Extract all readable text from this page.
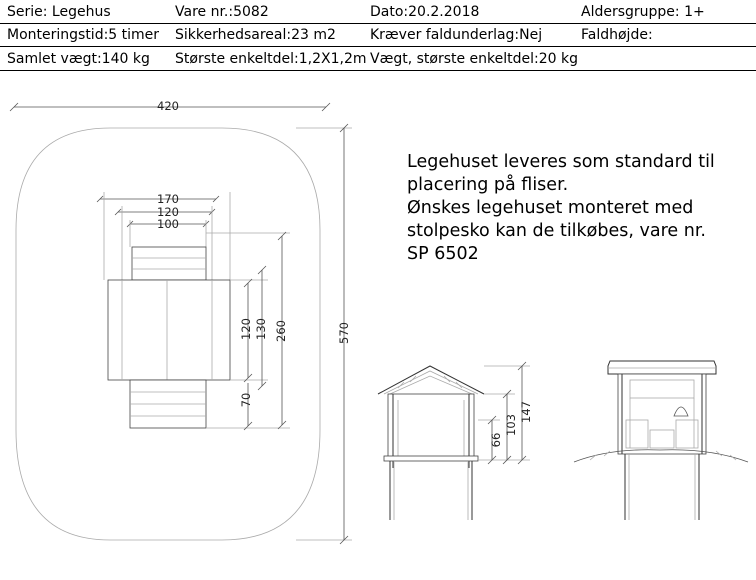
Serie: Legehus	Vare nr.:5082	Dato:20.2.2018	Aldersgruppe: 1+
Monteringstid:5 timer	Sikkerhedsareal:23 m2	Kræver faldunderlag:Nej	Faldhøjde:
Samlet vægt:140 kg	Største enkeltdel:1,2X1,2m	Vægt, største enkeltdel:20 kg	
420
170
120
100
120 130 260
70
570
66
103
147
Legehuset leveres som standard til
placering på fliser.
Ønskes legehuset monteret med
stolpesko kan de tilkøbes, vare nr.
SP 6502
